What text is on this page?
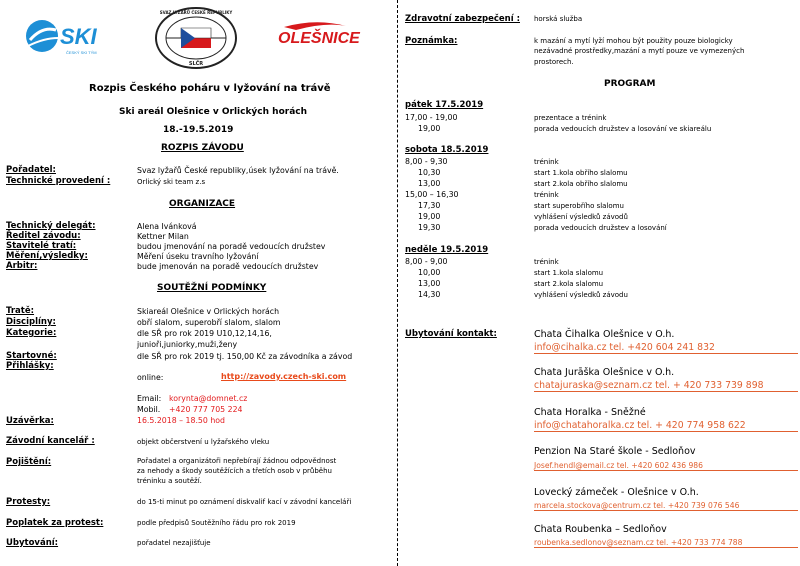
SKI
ČESKÝ SKI TÝM
SVAZ LYŽAŘŮ ČESKÉ REPUBLIKY
SLČR
OLEŠNICE
Rozpis Českého poháru v lyžování na trávě
Ski areál Olešnice v Orlických horách
18.-19.5.2019
ROZPIS ZÁVODU
Pořadatel:	Svaz lyžařů České republiky,úsek lyžování na trávě.
Technické provedení :	Orlický ski team z.s
ORGANIZACE
Technický delegát:	Alena Ivánková
Ředitel závodu:	Kettner Milan
Stavitelé tratí:	budou jmenování na poradě vedoucích družstev
Měření,výsledky:	Měření úseku travního lyžování
Arbitr:	bude jmenován na poradě vedoucích družstev
SOUTĚŽNÍ PODMÍNKY
Tratě:	Skiareál Olešnice v Orlických horách
Disciplíny:	obří slalom, superobří slalom, slalom
Kategorie:	dle SŘ pro rok 2019 U10,12,14,16,
junioři,juniorky,muži,ženy
Startovné:	dle SŘ pro rok 2019 tj. 150,00 Kč za závodníka a závod
Přihlášky:
online:	http://zavody.czech-ski.com
Email: korynta@domnet.cz
Mobil. +420 777 705 224
Uzávěrka:	16.5.2018 – 18.50 hod
Závodní kancelář :	objekt občerstvení u lyžařského vleku
Pojištění:	Pořadatel a organizátoři nepřebírají žádnou odpovědnost
za nehody a škody soutěžících a třetích osob v průběhu
tréninku a soutěží.
Protesty:	do 15-ti minut po oznámení diskvalif kací v závodní kanceláři
Poplatek za protest:	podle předpisů Soutěžního řádu pro rok 2019
Ubytování:	pořadatel nezajišťuje
Zdravotní zabezpečení : horská služba
Poznámka:	k mazání a mytí lyží mohou být použity pouze biologicky
nezávadné prostředky,mazání a mytí pouze ve vymezených
prostorech.
PROGRAM
pátek 17.5.2019
17,00 - 19,00	prezentace a trénink
19,00	porada vedoucích družstev a losování ve skiareálu
sobota 18.5.2019
8,00 - 9,30	trénink
10,30	start 1.kola obřího slalomu
13,00	start 2.kola obřího slalomu
15,00 – 16,30	trénink
17,30	start superobřího slalomu
19,00	vyhlášení výsledků závodů
19,30	porada vedoucích družstev a losování
neděle 19.5.2019
8,00 - 9,00	trénink
10,00	start 1.kola slalomu
13,00	start 2.kola slalomu
14,30	vyhlášení výsledků závodu
Ubytování kontakt:	Chata Čihalka Olešnice v O.h.
info@cihalka.cz tel. +420 604 241 832
Chata Jurāška Olešnice v O.h.
chatajuraska@seznam.cz tel. + 420 733 739 898
Chata Horalka - Sněžné
info@chatahoralka.cz tel. + 420 774 958 622
Penzion Na Staré škole - Sedloňov
Josef.hendl@email.cz tel. +420 602 436 986
Lovecký zámeček - Olešnice v O.h.
marcela.stockova@centrum.cz tel. +420 739 076 546
Chata Roubenka – Sedloňov
roubenka.sedlonov@seznam.cz tel. +420 733 774 788
